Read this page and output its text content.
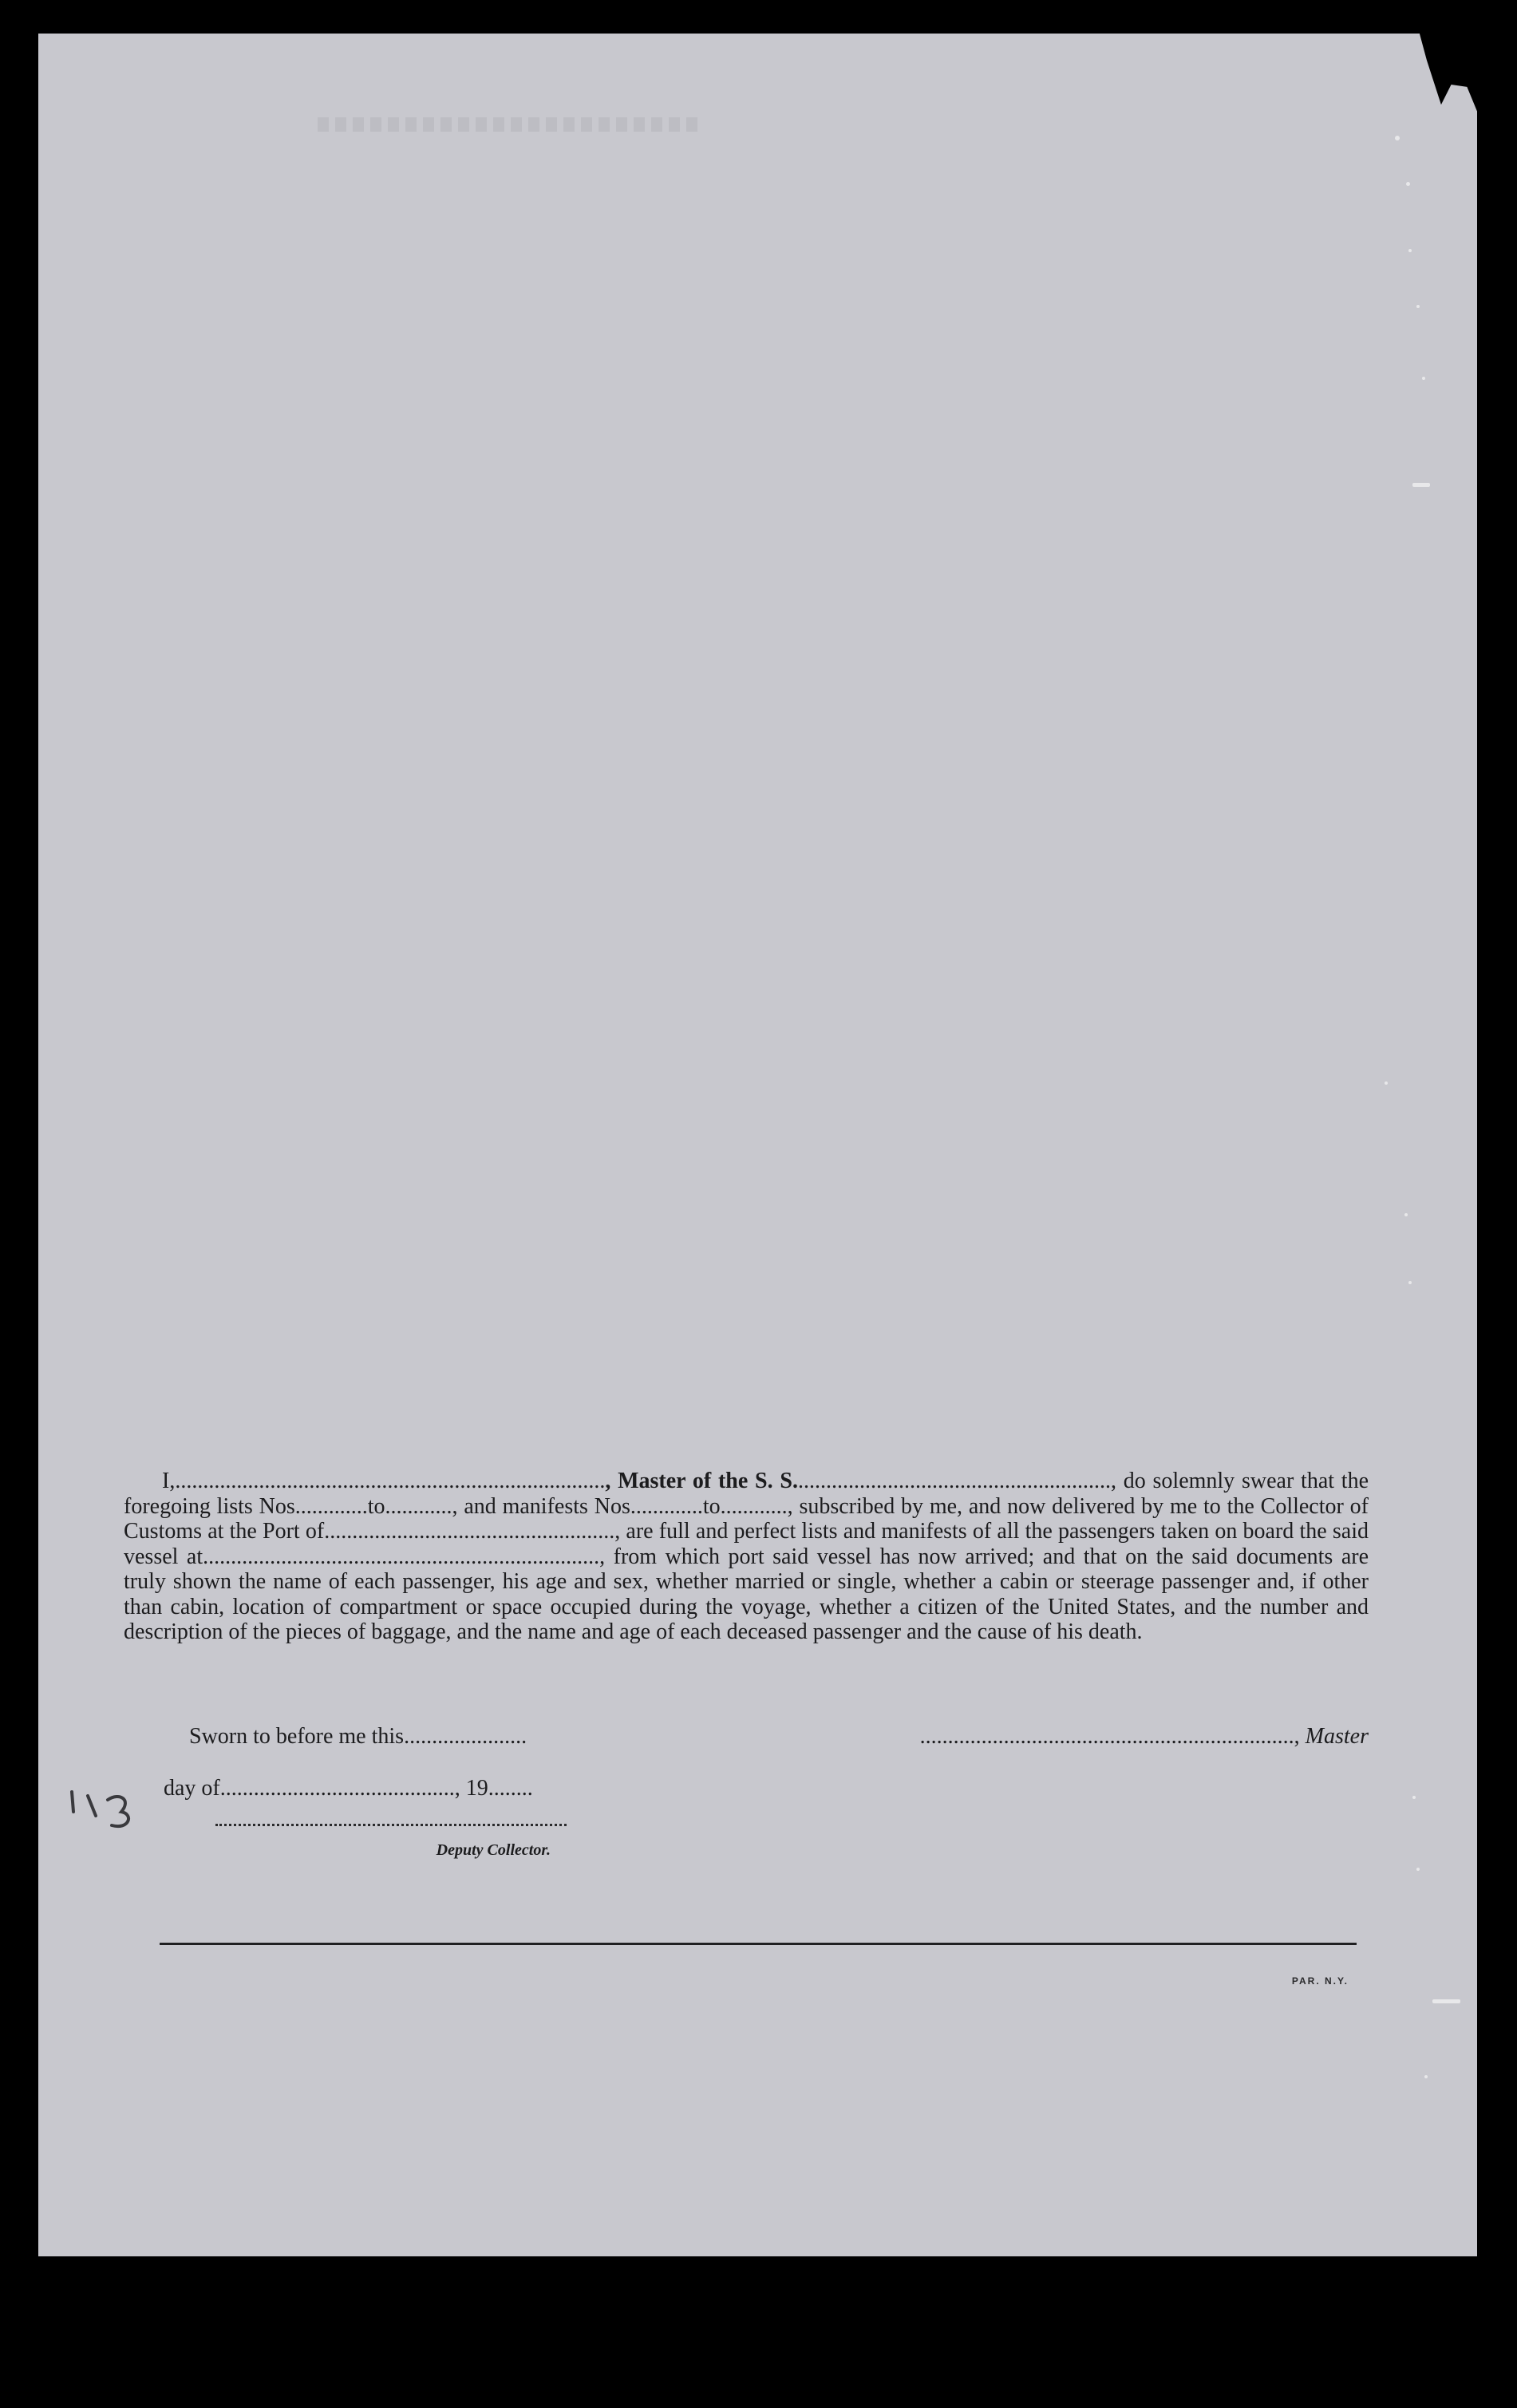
I,............................................................................., Master of the S. S........................................................., do solemnly swear that the foregoing lists Nos.............to............, and manifests Nos.............to............, subscribed by me, and now delivered by me to the Collector of Customs at the Port of...................................................., are full and perfect lists and manifests of all the passengers taken on board the said vessel at......................................................................., from which port said vessel has now arrived; and that on the said documents are truly shown the name of each passenger, his age and sex, whether married or single, whether a cabin or steerage passenger and, if other than cabin, location of compartment or space occupied during the voyage, whether a citizen of the United States, and the number and description of the pieces of baggage, and the name and age of each deceased passenger and the cause of his death.
Sworn to before me this......................	..................................................................., Master
day of.........................................., 19........
Deputy Collector.
PAR. N.Y.
